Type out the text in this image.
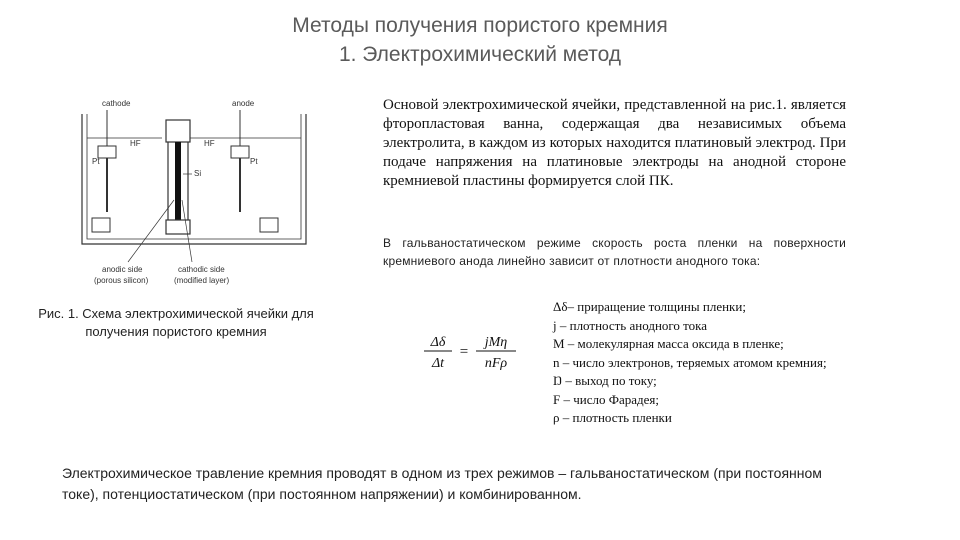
Методы получения пористого кремния
1. Электрохимический метод
cathode	anode
HF	HF
Pt	Pt
Si
anodic side
(porous silicon)
cathodic side
(modified layer)
Рис. 1. Схема электрохимической ячейки для получения пористого кремния
Основой электрохимической ячейки, представленной на рис.1. является фторопластовая ванна, содержащая два независимых объема электролита, в каждом из которых находится платиновый электрод. При подаче напряжения на платиновые электроды на анодной стороне кремниевой пластины формируется слой ПК.
В гальваностатическом режиме скорость роста пленки на поверхности кремниевого анода линейно зависит от плотности анодного тока:
Δδ
Δt
=
jMη
nFρ
Δδ– приращение толщины пленки;
j – плотность анодного тока
M – молекулярная масса оксида в пленке;
n – число электронов, теряемых атомом кремния;
Ŋ – выход по току;
F – число Фарадея;
ρ – плотность пленки
Электрохимическое травление кремния проводят в одном из трех режимов – гальваностатическом (при постоянном токе), потенциостатическом (при постоянном напряжении) и комбинированном.
